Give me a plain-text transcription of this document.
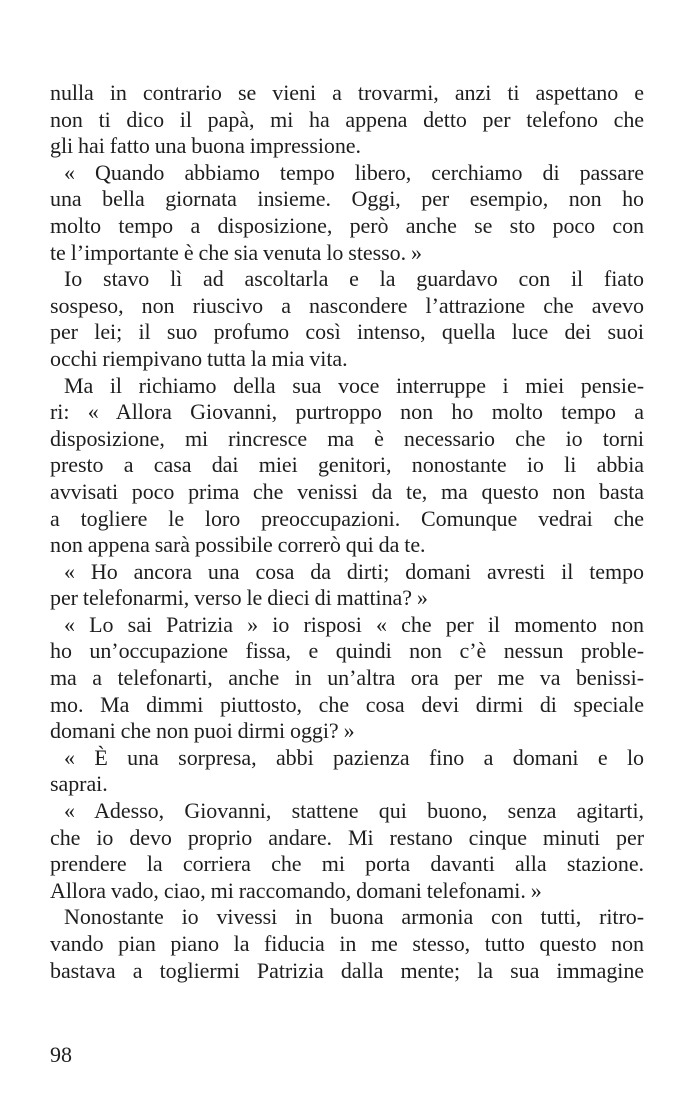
nulla in contrario se vieni a trovarmi, anzi ti aspettano e
non ti dico il papà, mi ha appena detto per telefono che
gli hai fatto una buona impressione.
« Quando abbiamo tempo libero, cerchiamo di passare
una bella giornata insieme. Oggi, per esempio, non ho
molto tempo a disposizione, però anche se sto poco con
te l’importante è che sia venuta lo stesso. »
Io stavo lì ad ascoltarla e la guardavo con il fiato
sospeso, non riuscivo a nascondere l’attrazione che avevo
per lei; il suo profumo così intenso, quella luce dei suoi
occhi riempivano tutta la mia vita.
Ma il richiamo della sua voce interruppe i miei pensie-
ri: « Allora Giovanni, purtroppo non ho molto tempo a
disposizione, mi rincresce ma è necessario che io torni
presto a casa dai miei genitori, nonostante io li abbia
avvisati poco prima che venissi da te, ma questo non basta
a togliere le loro preoccupazioni. Comunque vedrai che
non appena sarà possibile correrò qui da te.
« Ho ancora una cosa da dirti; domani avresti il tempo
per telefonarmi, verso le dieci di mattina? »
« Lo sai Patrizia » io risposi « che per il momento non
ho un’occupazione fissa, e quindi non c’è nessun proble-
ma a telefonarti, anche in un’altra ora per me va benissi-
mo. Ma dimmi piuttosto, che cosa devi dirmi di speciale
domani che non puoi dirmi oggi? »
« È una sorpresa, abbi pazienza fino a domani e lo
saprai.
« Adesso, Giovanni, stattene qui buono, senza agitarti,
che io devo proprio andare. Mi restano cinque minuti per
prendere la corriera che mi porta davanti alla stazione.
Allora vado, ciao, mi raccomando, domani telefonami. »
Nonostante io vivessi in buona armonia con tutti, ritro-
vando pian piano la fiducia in me stesso, tutto questo non
bastava a togliermi Patrizia dalla mente; la sua immagine
98
